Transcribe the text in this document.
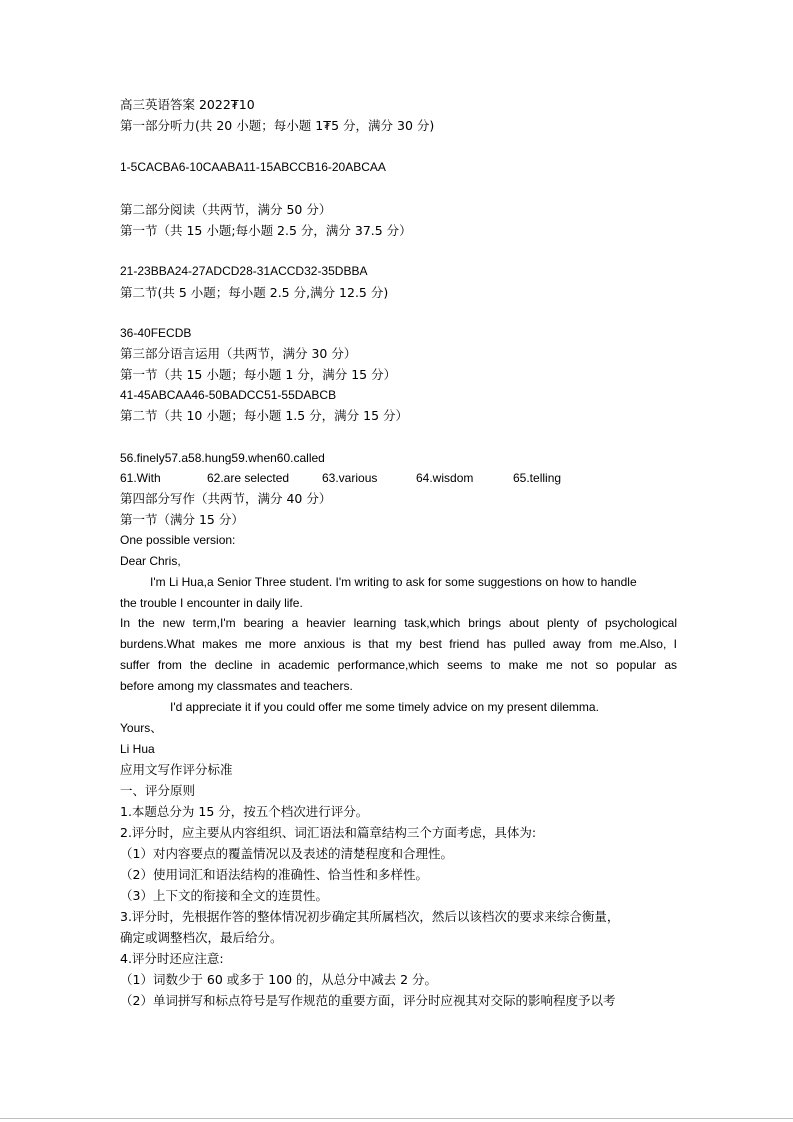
高三英语答案 2022₮10
第一部分听力(共 20 小题；每小题 1₮5 分，满分 30 分)
1-5CACBA6-10CAABA11-15ABCCB16-20ABCAA
第二部分阅读（共两节，满分 50 分）
第一节（共 15 小题;每小题 2.5 分，满分 37.5 分）
21-23BBA24-27ADCD28-31ACCD32-35DBBA
第二节(共 5 小题；每小题 2.5 分,满分 12.5 分)
36-40FECDB
第三部分语言运用（共两节，满分 30 分）
第一节（共 15 小题；每小题 1 分，满分 15 分）
41-45ABCAA46-50BADCC51-55DABCB
第二节（共 10 小题；每小题 1.5 分，满分 15 分）
56.finely57.a58.hung59.when60.called
61.With	62.are selected	63.various	64.wisdom	65.telling
第四部分写作（共两节，满分 40 分）
第一节（满分 15 分）
One possible version:
Dear Chris,
I'm Li Hua,a Senior Three student. I'm writing to ask for some suggestions on how to handle
the trouble I encounter in daily life.
In the new term,I'm bearing a heavier learning task,which brings about plenty of psychological
burdens.What makes me more anxious is that my best friend has pulled away from me.Also, I
suffer from the decline in academic performance,which seems to make me not so popular as
before among my classmates and teachers.
I'd appreciate it if you could offer me some timely advice on my present dilemma.
Yours、
Li Hua
应用文写作评分标准
一、评分原则
1.本题总分为 15 分，按五个档次进行评分。
2.评分时，应主要从内容组织、词汇语法和篇章结构三个方面考虑，具体为:
（1）对内容要点的覆盖情况以及表述的清楚程度和合理性。
（2）使用词汇和语法结构的准确性、恰当性和多样性。
（3）上下文的衔接和全文的连贯性。
3.评分时，先根据作答的整体情况初步确定其所属档次，然后以该档次的要求来综合衡量，
确定或调整档次，最后给分。
4.评分时还应注意:
（1）词数少于 60 或多于 100 的，从总分中减去 2 分。
（2）单词拼写和标点符号是写作规范的重要方面，评分时应视其对交际的影响程度予以考
